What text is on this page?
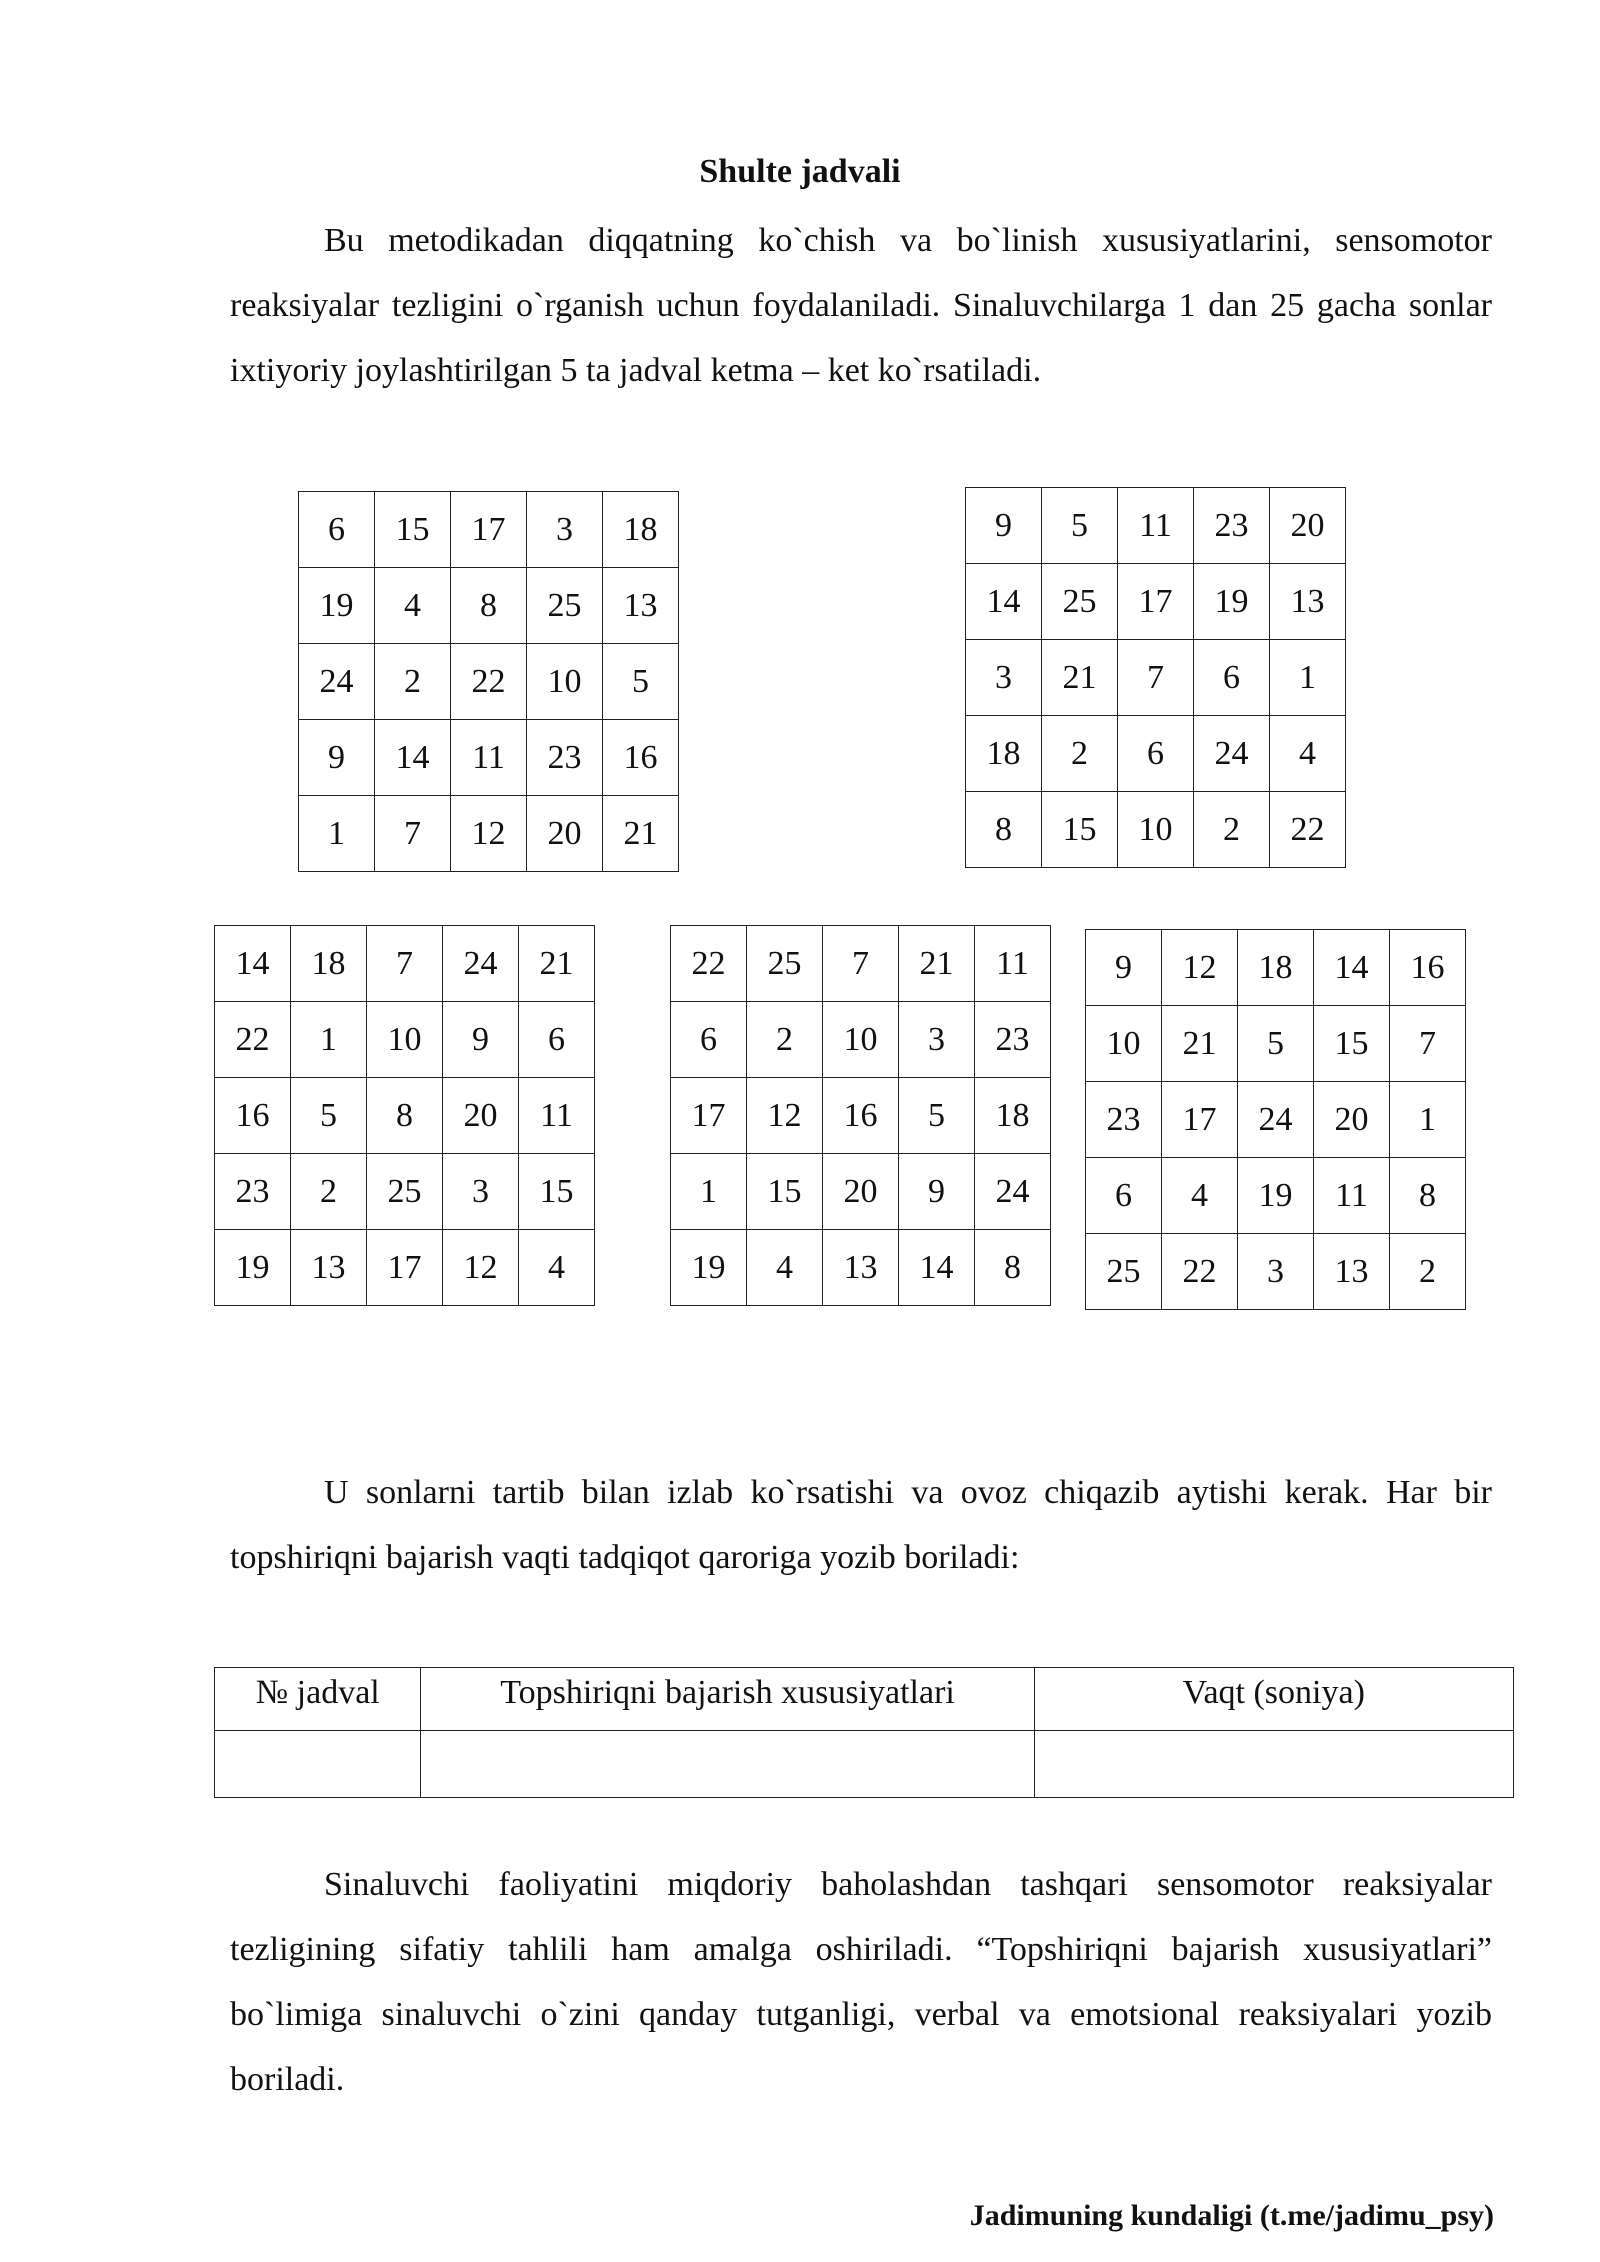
Shulte jadvali
Bu metodikadan diqqatning ko`chish va bo`linish xususiyatlarini, sensomotor reaksiyalar tezligini o`rganish uchun foydalaniladi. Sinaluvchilarga 1 dan 25 gacha sonlar ixtiyoriy joylashtirilgan 5 ta jadval ketma – ket ko`rsatiladi.
6	15	17	3	18
19	4	8	25	13
24	2	22	10	5
9	14	11	23	16
1	7	12	20	21
9	5	11	23	20
14	25	17	19	13
3	21	7	6	1
18	2	6	24	4
8	15	10	2	22
14	18	7	24	21
22	1	10	9	6
16	5	8	20	11
23	2	25	3	15
19	13	17	12	4
22	25	7	21	11
6	2	10	3	23
17	12	16	5	18
1	15	20	9	24
19	4	13	14	8
9	12	18	14	16
10	21	5	15	7
23	17	24	20	1
6	4	19	11	8
25	22	3	13	2
U sonlarni tartib bilan izlab ko`rsatishi va ovoz chiqazib aytishi kerak. Har bir topshiriqni bajarish vaqti tadqiqot qaroriga yozib boriladi:
№ jadval	Topshiriqni bajarish xususiyatlari	Vaqt (soniya)

Sinaluvchi faoliyatini miqdoriy baholashdan tashqari sensomotor reaksiyalar tezligining sifatiy tahlili ham amalga oshiriladi. “Topshiriqni bajarish xususiyatlari” bo`limiga sinaluvchi o`zini qanday tutganligi, verbal va emotsional reaksiyalari yozib boriladi.
Jadimuning kundaligi (t.me/jadimu_psy)
